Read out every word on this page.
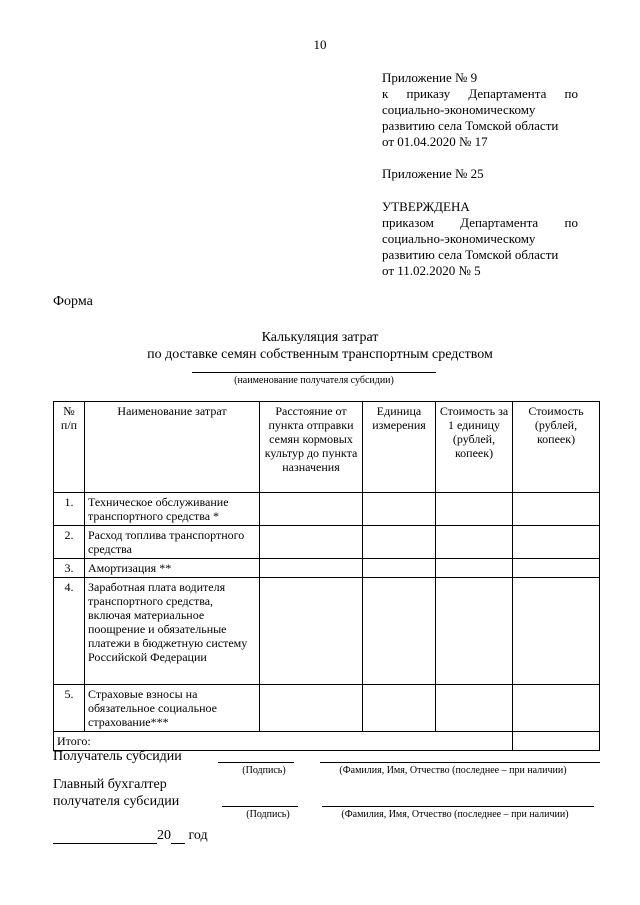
10
Приложение № 9
к приказу Департамента по
социально-экономическому
развитию села Томской области
от 01.04.2020 № 17
Приложение № 25
УТВЕРЖДЕНА
приказом Департамента по
социально-экономическому
развитию села Томской области
от 11.02.2020 № 5
Форма
Калькуляция затрат
по доставке семян собственным транспортным средством
(наименование получателя субсидии)
№ п/п	Наименование затрат	Расстояние от пункта отправки семян кормовых культур до пункта назначения	Единица измерения	Стоимость за 1 единицу (рублей, копеек)	Стоимость (рублей, копеек)
1.	Техническое обслуживание транспортного средства *				
2.	Расход топлива транспортного средства				
3.	Амортизация **				
4.	Заработная плата водителя транспортного средства, включая материальное поощрение и обязательные платежи в бюджетную систему Российской Федерации				
5.	Страховые взносы на обязательное социальное страхование***				
Итого:					
Получатель субсидии
(Подпись)	(Фамилия, Имя, Отчество (последнее – при наличии)
Главный бухгалтер
получателя субсидии
(Подпись)	(Фамилия, Имя, Отчество (последнее – при наличии)
20 год
